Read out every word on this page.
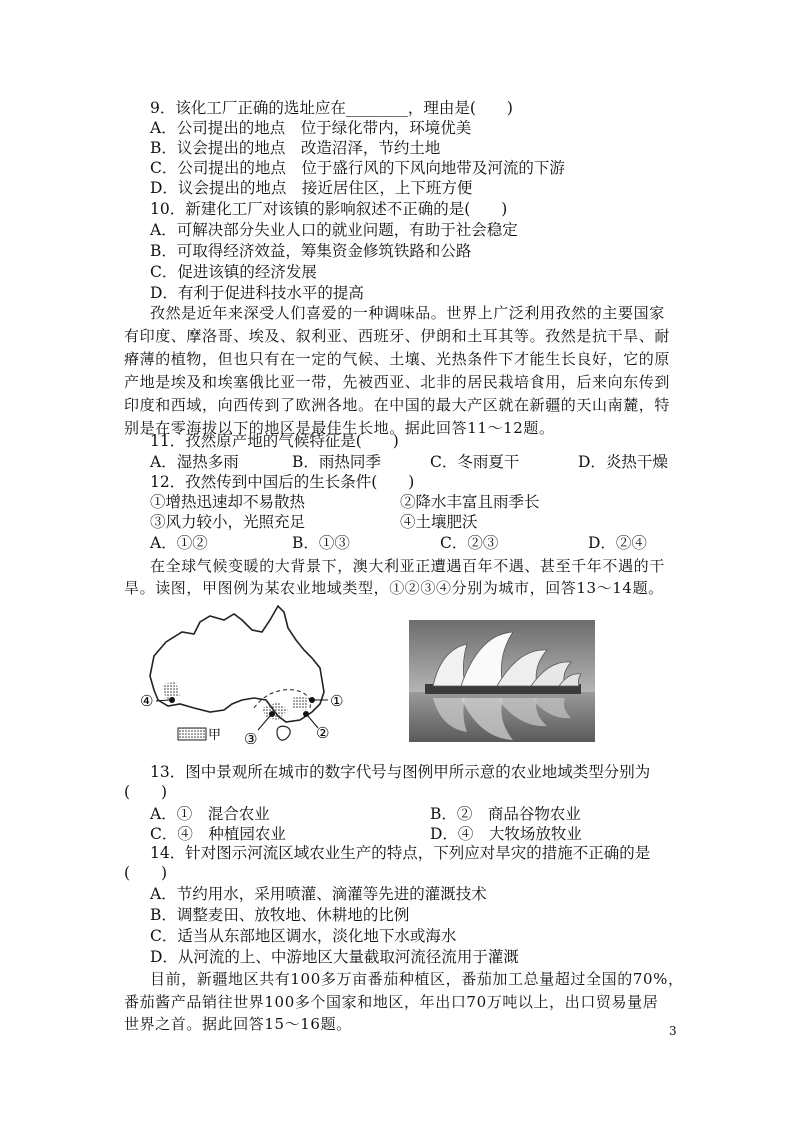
9．该化工厂正确的选址应在________，理由是(　　)
A．公司提出的地点　位于绿化带内，环境优美
B．议会提出的地点　改造沼泽，节约土地
C．公司提出的地点　位于盛行风的下风向地带及河流的下游
D．议会提出的地点　接近居住区，上下班方便
10．新建化工厂对该镇的影响叙述不正确的是(　　)
A．可解决部分失业人口的就业问题，有助于社会稳定
B．可取得经济效益，筹集资金修筑铁路和公路
C．促进该镇的经济发展
D．有利于促进科技水平的提高
孜然是近年来深受人们喜爱的一种调味品。世界上广泛利用孜然的主要国家
有印度、摩洛哥、埃及、叙利亚、西班牙、伊朗和土耳其等。孜然是抗干旱、耐
瘠薄的植物，但也只有在一定的气候、土壤、光热条件下才能生长良好，它的原
产地是埃及和埃塞俄比亚一带，先被西亚、北非的居民栽培食用，后来向东传到
印度和西域，向西传到了欧洲各地。在中国的最大产区就在新疆的天山南麓，特
别是在零海拔以下的地区是最佳生长地。据此回答11～12题。
11．孜然原产地的气候特征是(　　)
A．湿热多雨	B．雨热同季	C．冬雨夏干	D．炎热干燥
12．孜然传到中国后的生长条件(　　)
①增热迅速却不易散热	②降水丰富且雨季长
③风力较小，光照充足	④土壤肥沃
A．①②	B．①③	C．②③	D．②④
在全球气候变暖的大背景下，澳大利亚正遭遇百年不遇、甚至千年不遇的干
旱。读图，甲图例为某农业地域类型，①②③④分别为城市，回答13～14题。
④	①
②
③
甲
13．图中景观所在城市的数字代号与图例甲所示意的农业地域类型分别为
(　　)
A．①　混合农业	B．②　商品谷物农业
C．④　种植园农业	D．④　大牧场放牧业
14．针对图示河流区域农业生产的特点，下列应对旱灾的措施不正确的是
(　　)
A．节约用水，采用喷灌、滴灌等先进的灌溉技术
B．调整麦田、放牧地、休耕地的比例
C．适当从东部地区调水，淡化地下水或海水
D．从河流的上、中游地区大量截取河流径流用于灌溉
目前，新疆地区共有100多万亩番茄种植区，番茄加工总量超过全国的70%，
番茄酱产品销往世界100多个国家和地区，年出口70万吨以上，出口贸易量居
世界之首。据此回答15～16题。	3
